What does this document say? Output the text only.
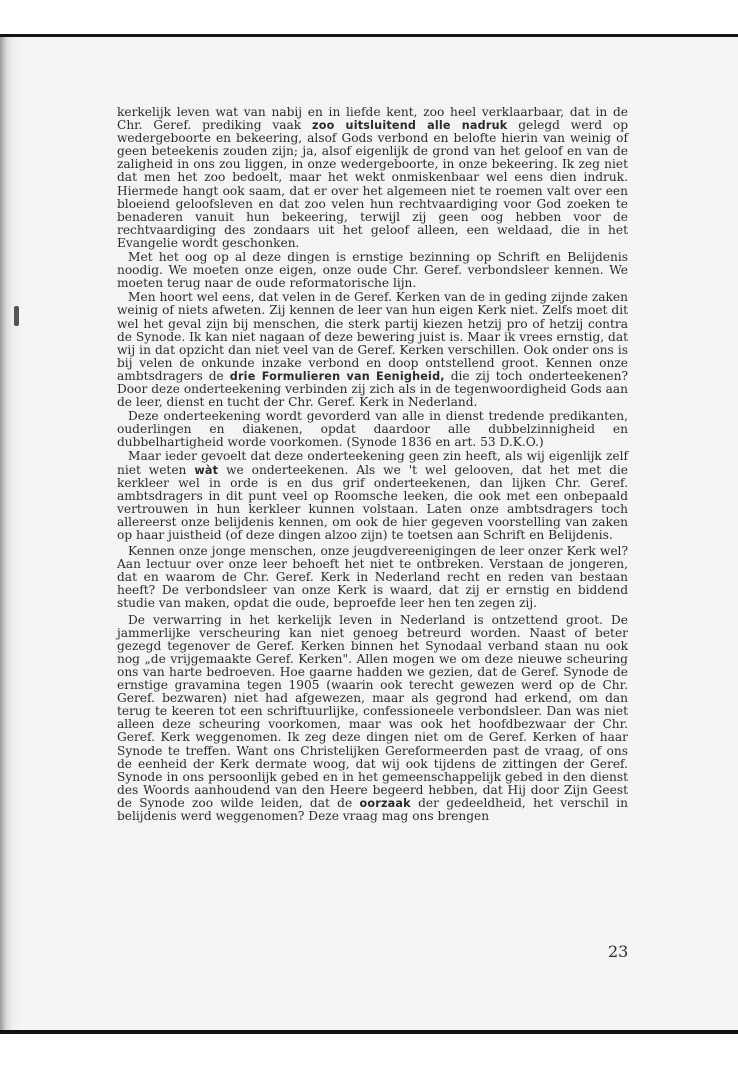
kerkelijk leven wat van nabij en in liefde kent, zoo heel verklaarbaar, dat in de Chr. Geref. prediking vaak zoo uitsluitend alle nadruk gelegd werd op wedergeboorte en bekeering, alsof Gods verbond en belofte hierin van weinig of geen beteekenis zouden zijn; ja, alsof eigenlijk de grond van het geloof en van de zaligheid in ons zou liggen, in onze wedergeboorte, in onze bekeering. Ik zeg niet dat men het zoo bedoelt, maar het wekt onmiskenbaar wel eens dien indruk. Hiermede hangt ook saam, dat er over het algemeen niet te roemen valt over een bloeiend geloofsleven en dat zoo velen hun rechtvaardiging voor God zoeken te benaderen vanuit hun bekeering, terwijl zij geen oog hebben voor de rechtvaardiging des zondaars uit het geloof alleen, een weldaad, die in het Evangelie wordt geschonken.

Met het oog op al deze dingen is ernstige bezinning op Schrift en Belijdenis noodig. We moeten onze eigen, onze oude Chr. Geref. verbondsleer kennen. We moeten terug naar de oude reformatorische lijn.

Men hoort wel eens, dat velen in de Geref. Kerken van de in geding zijnde zaken weinig of niets afweten. Zij kennen de leer van hun eigen Kerk niet. Zelfs moet dit wel het geval zijn bij menschen, die sterk partij kiezen hetzij pro of hetzij contra de Synode. Ik kan niet nagaan of deze bewering juist is. Maar ik vrees ernstig, dat wij in dat opzicht dan niet veel van de Geref. Kerken verschillen. Ook onder ons is bij velen de onkunde inzake verbond en doop ontstellend groot. Kennen onze ambtsdragers de drie Formulieren van Eenigheid, die zij toch onderteekenen? Door deze onderteekening verbinden zij zich als in de tegenwoordigheid Gods aan de leer, dienst en tucht der Chr. Geref. Kerk in Nederland.

Deze onderteekening wordt gevorderd van alle in dienst tredende predikanten, ouderlingen en diakenen, opdat daardoor alle dubbelzinnigheid en dubbelhartigheid worde voorkomen. (Synode 1836 en art. 53 D.K.O.)

Maar ieder gevoelt dat deze onderteekening geen zin heeft, als wij eigenlijk zelf niet weten wàt we onderteekenen. Als we 't wel gelooven, dat het met die kerkleer wel in orde is en dus grif onderteekenen, dan lijken Chr. Geref. ambtsdragers in dit punt veel op Roomsche leeken, die ook met een onbepaald vertrouwen in hun kerkleer kunnen volstaan. Laten onze ambtsdragers toch allereerst onze belijdenis kennen, om ook de hier gegeven voorstelling van zaken op haar juistheid (of deze dingen alzoo zijn) te toetsen aan Schrift en Belijdenis.

Kennen onze jonge menschen, onze jeugdvereenigingen de leer onzer Kerk wel? Aan lectuur over onze leer behoeft het niet te ontbreken. Verstaan de jongeren, dat en waarom de Chr. Geref. Kerk in Nederland recht en reden van bestaan heeft? De verbondsleer van onze Kerk is waard, dat zij er ernstig en biddend studie van maken, opdat die oude, beproefde leer hen ten zegen zij.

De verwarring in het kerkelijk leven in Nederland is ontzettend groot. De jammerlijke verscheuring kan niet genoeg betreurd worden. Naast of beter gezegd tegenover de Geref. Kerken binnen het Synodaal verband staan nu ook nog „de vrijgemaakte Geref. Kerken". Allen mogen we om deze nieuwe scheuring ons van harte bedroeven. Hoe gaarne hadden we gezien, dat de Geref. Synode de ernstige gravamina tegen 1905 (waarin ook terecht gewezen werd op de Chr. Geref. bezwaren) niet had afgewezen, maar als gegrond had erkend, om dan terug te keeren tot een schriftuurlijke, confessioneele verbondsleer. Dan was niet alleen deze scheuring voorkomen, maar was ook het hoofdbezwaar der Chr. Geref. Kerk weggenomen. Ik zeg deze dingen niet om de Geref. Kerken of haar Synode te treffen. Want ons Christelijken Gereformeerden past de vraag, of ons de eenheid der Kerk dermate woog, dat wij ook tijdens de zittingen der Geref. Synode in ons persoonlijk gebed en in het gemeenschappelijk gebed in den dienst des Woords aanhoudend van den Heere begeerd hebben, dat Hij door Zijn Geest de Synode zoo wilde leiden, dat de oorzaak der gedeeldheid, het verschil in belijdenis werd weggenomen? Deze vraag mag ons brengen

23
